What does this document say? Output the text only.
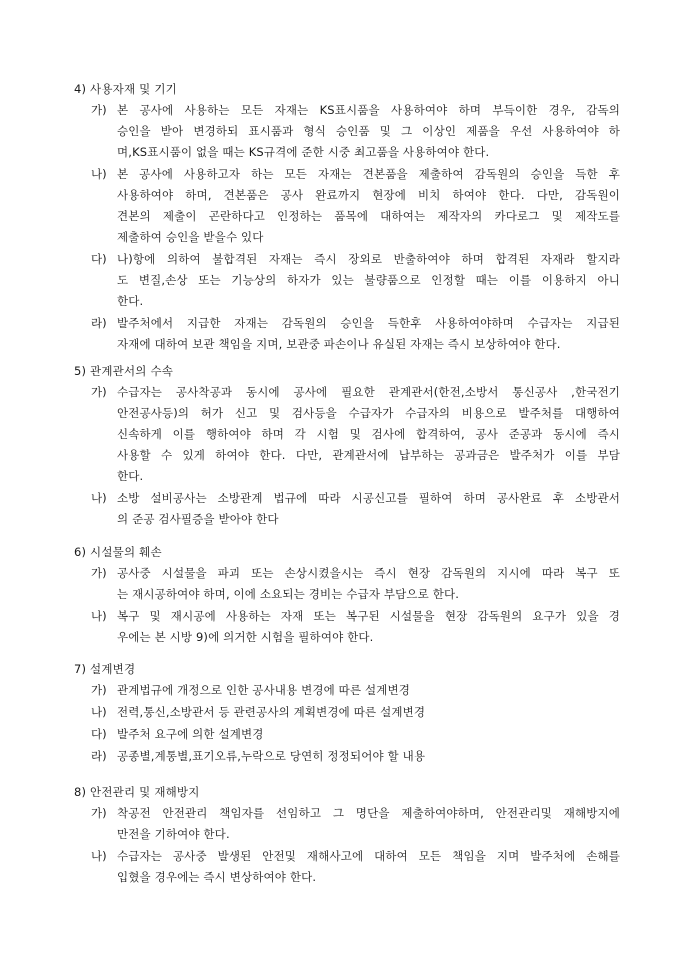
4) 사용자재 및 기기
가) 본 공사에 사용하는 모든 자재는 KS표시품을 사용하여야 하며 부득이한 경우, 감독의
승인을 받아 변경하되 표시품과 형식 승인품 및 그 이상인 제품을 우선 사용하여야 하
며,KS표시품이 없을 때는 KS규격에 준한 시중 최고품을 사용하여야 한다.
나) 본 공사에 사용하고자 하는 모든 자재는 견본품을 제출하여 감독원의 승인을 득한 후
사용하여야 하며, 견본품은 공사 완료까지 현장에 비치 하여야 한다. 다만, 감독원이
견본의 제출이 곤란하다고 인정하는 품목에 대하여는 제작자의 카다로그 및 제작도를
제출하여 승인을 받을수 있다
다) 나)항에 의하여 불합격된 자재는 즉시 장외로 반출하여야 하며 합격된 자재라 할지라
도 변질,손상 또는 기능상의 하자가 있는 불량품으로 인정할 때는 이를 이용하지 아니
한다.
라) 발주처에서 지급한 자재는 감독원의 승인을 득한후 사용하여야하며 수급자는 지급된
자재에 대하여 보관 책임을 지며, 보관중 파손이나 유실된 자재는 즉시 보상하여야 한다.
5) 관계관서의 수속
가) 수급자는 공사착공과 동시에 공사에 필요한 관계관서(한전,소방서 통신공사 ,한국전기
안전공사등)의 허가 신고 및 검사등을 수급자가 수급자의 비용으로 발주처를 대행하여
신속하게 이를 행하여야 하며 각 시험 및 검사에 합격하여, 공사 준공과 동시에 즉시
사용할 수 있게 하여야 한다. 다만, 관계관서에 납부하는 공과금은 발주처가 이를 부담
한다.
나) 소방 설비공사는 소방관계 법규에 따라 시공신고를 필하여 하며 공사완료 후 소방관서
의 준공 검사필증을 받아야 한다
6) 시설물의 훼손
가) 공사중 시설물을 파괴 또는 손상시켰을시는 즉시 현장 감독원의 지시에 따라 복구 또
는 재시공하여야 하며, 이에 소요되는 경비는 수급자 부담으로 한다.
나) 복구 및 재시공에 사용하는 자재 또는 복구된 시설물을 현장 감독원의 요구가 있을 경
우에는 본 시방 9)에 의거한 시험을 필하여야 한다.
7) 설계변경
가) 관계법규에 개정으로 인한 공사내용 변경에 따른 설계변경
나) 전력,통신,소방관서 등 관련공사의 계획변경에 따른 설계변경
다) 발주처 요구에 의한 설계변경
라) 공종별,계통별,표기오류,누락으로 당연히 정정되어야 할 내용
8) 안전관리 및 재해방지
가) 착공전 안전관리 책임자를 선임하고 그 명단을 제출하여야하며, 안전관리및 재해방지에
만전을 기하여야 한다.
나) 수급자는 공사중 발생된 안전및 재해사고에 대하여 모든 책임을 지며 발주처에 손해를
입혔을 경우에는 즉시 변상하여야 한다.
